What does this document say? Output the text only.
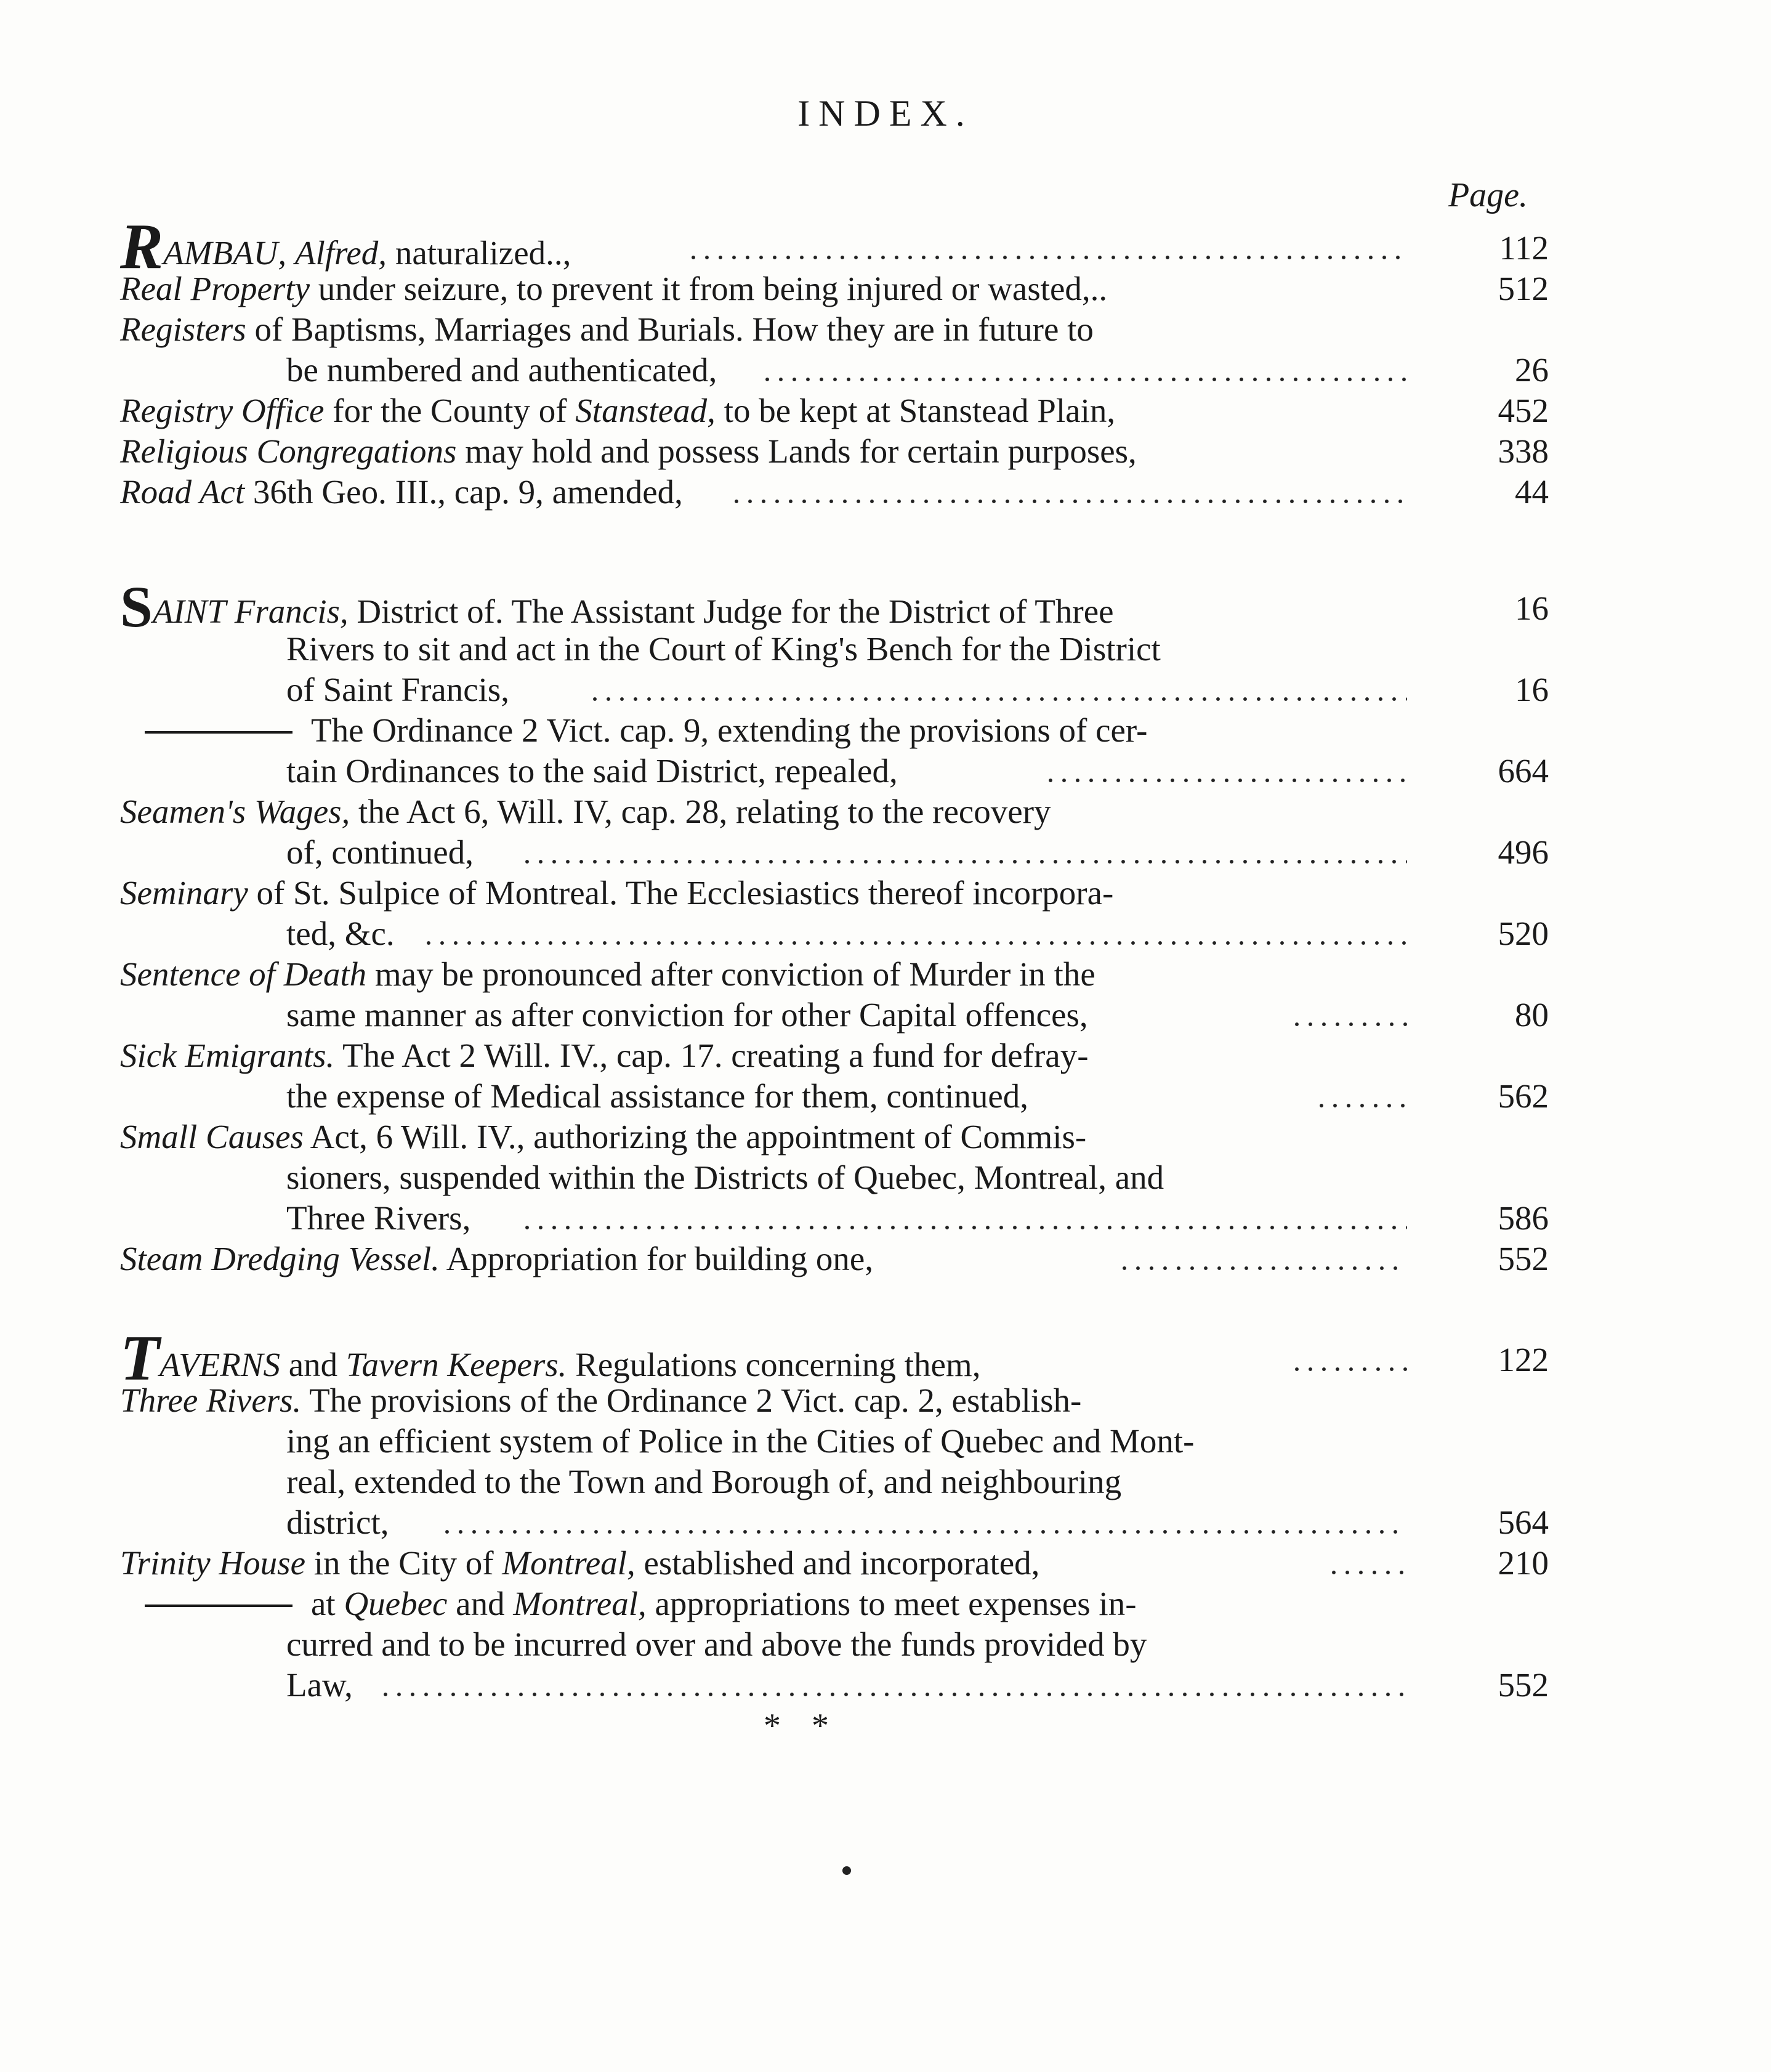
INDEX.
Page.
RAMBAU, Alfred, naturalized..,	112
Real Property under seizure, to prevent it from being injured or wasted,..	512
Registers of Baptisms, Marriages and Burials. How they are in future to
be numbered and authenticated,	26
Registry Office for the County of Stanstead, to be kept at Stanstead Plain,	452
Religious Congregations may hold and possess Lands for certain purposes,	338
Road Act 36th Geo. III., cap. 9, amended,	44
SAINT Francis, District of. The Assistant Judge for the District of Three	16
Rivers to sit and act in the Court of King's Bench for the District
of Saint Francis,	16
The Ordinance 2 Vict. cap. 9, extending the provisions of cer-
tain Ordinances to the said District, repealed,	664
Seamen's Wages, the Act 6, Will. IV, cap. 28, relating to the recovery
of, continued,	496
Seminary of St. Sulpice of Montreal. The Ecclesiastics thereof incorpora-
ted, &c.	520
Sentence of Death may be pronounced after conviction of Murder in the
same manner as after conviction for other Capital offences,	80
Sick Emigrants. The Act 2 Will. IV., cap. 17. creating a fund for defray-
the expense of Medical assistance for them, continued,	562
Small Causes Act, 6 Will. IV., authorizing the appointment of Commis-
sioners, suspended within the Districts of Quebec, Montreal, and
Three Rivers,	586
Steam Dredging Vessel. Appropriation for building one,	552
TAVERNS and Tavern Keepers. Regulations concerning them,	122
Three Rivers. The provisions of the Ordinance 2 Vict. cap. 2, establish-
ing an efficient system of Police in the Cities of Quebec and Mont-
real, extended to the Town and Borough of, and neighbouring
district,	564
Trinity House in the City of Montreal, established and incorporated,	210
at Quebec and Montreal, appropriations to meet expenses in-
curred and to be incurred over and above the funds provided by
Law,	552
* *
